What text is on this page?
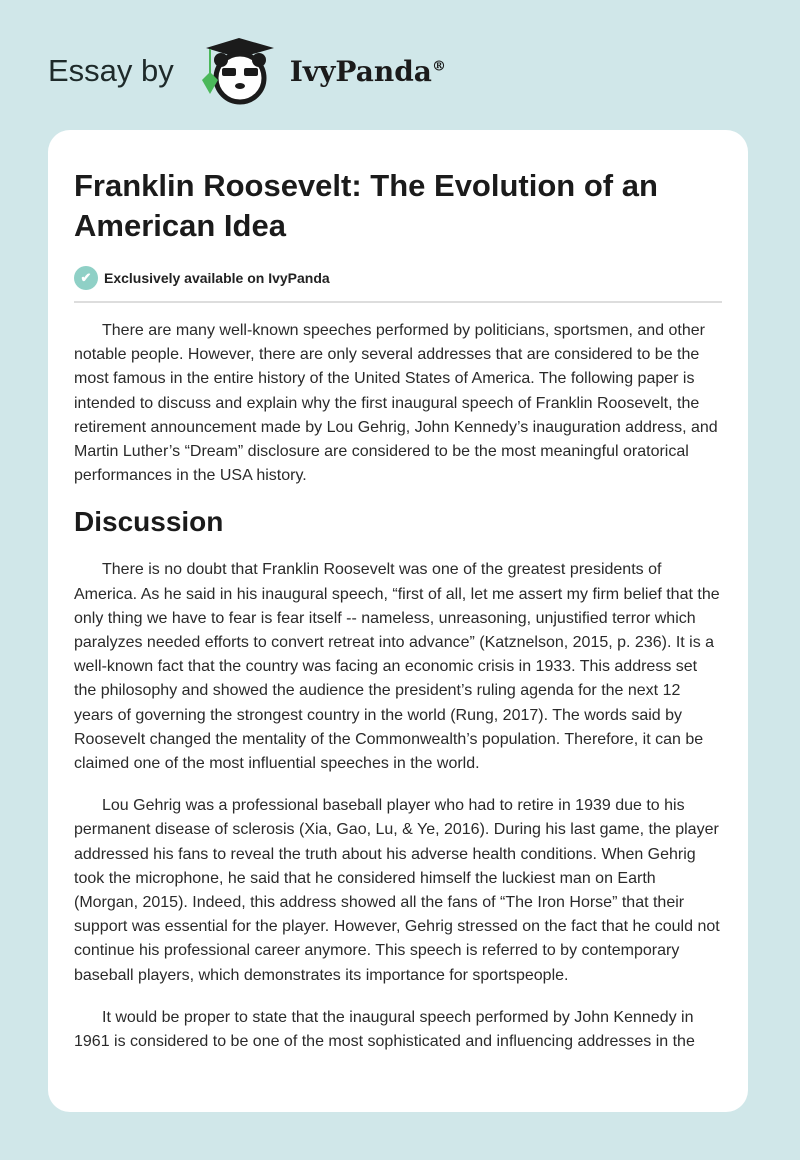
Essay by	IvyPanda®
Franklin Roosevelt: The Evolution of an American Idea
✔ Exclusively available on IvyPanda

There are many well-known speeches performed by politicians, sportsmen, and other notable people. However, there are only several addresses that are considered to be the most famous in the entire history of the United States of America. The following paper is intended to discuss and explain why the first inaugural speech of Franklin Roosevelt, the retirement announcement made by Lou Gehrig, John Kennedy’s inauguration address, and Martin Luther’s “Dream” disclosure are considered to be the most meaningful oratorical performances in the USA history.

Discussion

There is no doubt that Franklin Roosevelt was one of the greatest presidents of America. As he said in his inaugural speech, “first of all, let me assert my firm belief that the only thing we have to fear is fear itself -- nameless, unreasoning, unjustified terror which paralyzes needed efforts to convert retreat into advance” (Katznelson, 2015, p. 236). It is a well-known fact that the country was facing an economic crisis in 1933. This address set the philosophy and showed the audience the president’s ruling agenda for the next 12 years of governing the strongest country in the world (Rung, 2017). The words said by Roosevelt changed the mentality of the Commonwealth’s population. Therefore, it can be claimed one of the most influential speeches in the world.

Lou Gehrig was a professional baseball player who had to retire in 1939 due to his permanent disease of sclerosis (Xia, Gao, Lu, & Ye, 2016). During his last game, the player addressed his fans to reveal the truth about his adverse health conditions. When Gehrig took the microphone, he said that he considered himself the luckiest man on Earth (Morgan, 2015). Indeed, this address showed all the fans of “The Iron Horse” that their support was essential for the player. However, Gehrig stressed on the fact that he could not continue his professional career anymore. This speech is referred to by contemporary baseball players, which demonstrates its importance for sportspeople.

It would be proper to state that the inaugural speech performed by John Kennedy in 1961 is considered to be one of the most sophisticated and influencing addresses in the
